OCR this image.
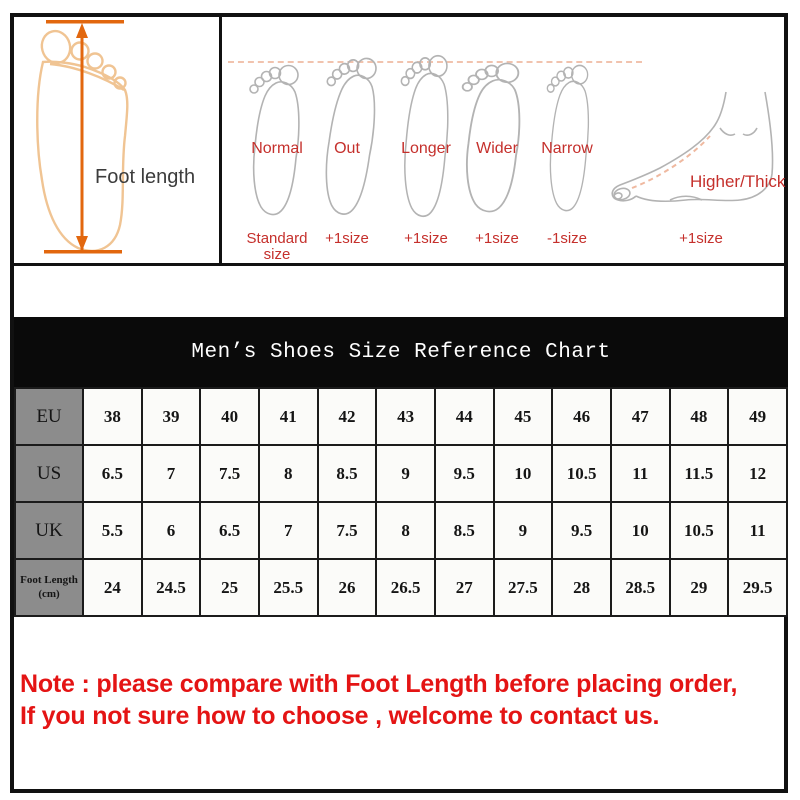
Foot length
Normal	Out	Longer	Wider	Narrow
Higher/Thick
Standard size
+1size	+1size	+1size	-1size	+1size
Men’s Shoes Size Reference Chart
EU	38	39	40	41	42	43	44	45	46	47	48	49
US	6.5	7	7.5	8	8.5	9	9.5	10	10.5	11	11.5	12
UK	5.5	6	6.5	7	7.5	8	8.5	9	9.5	10	10.5	11

Foot Length
(cm)	24	24.5	25	25.5	26	26.5	27	27.5	28	28.5	29	29.5
Note : please compare with Foot Length before placing order,
If you not sure how to choose , welcome to contact us.
